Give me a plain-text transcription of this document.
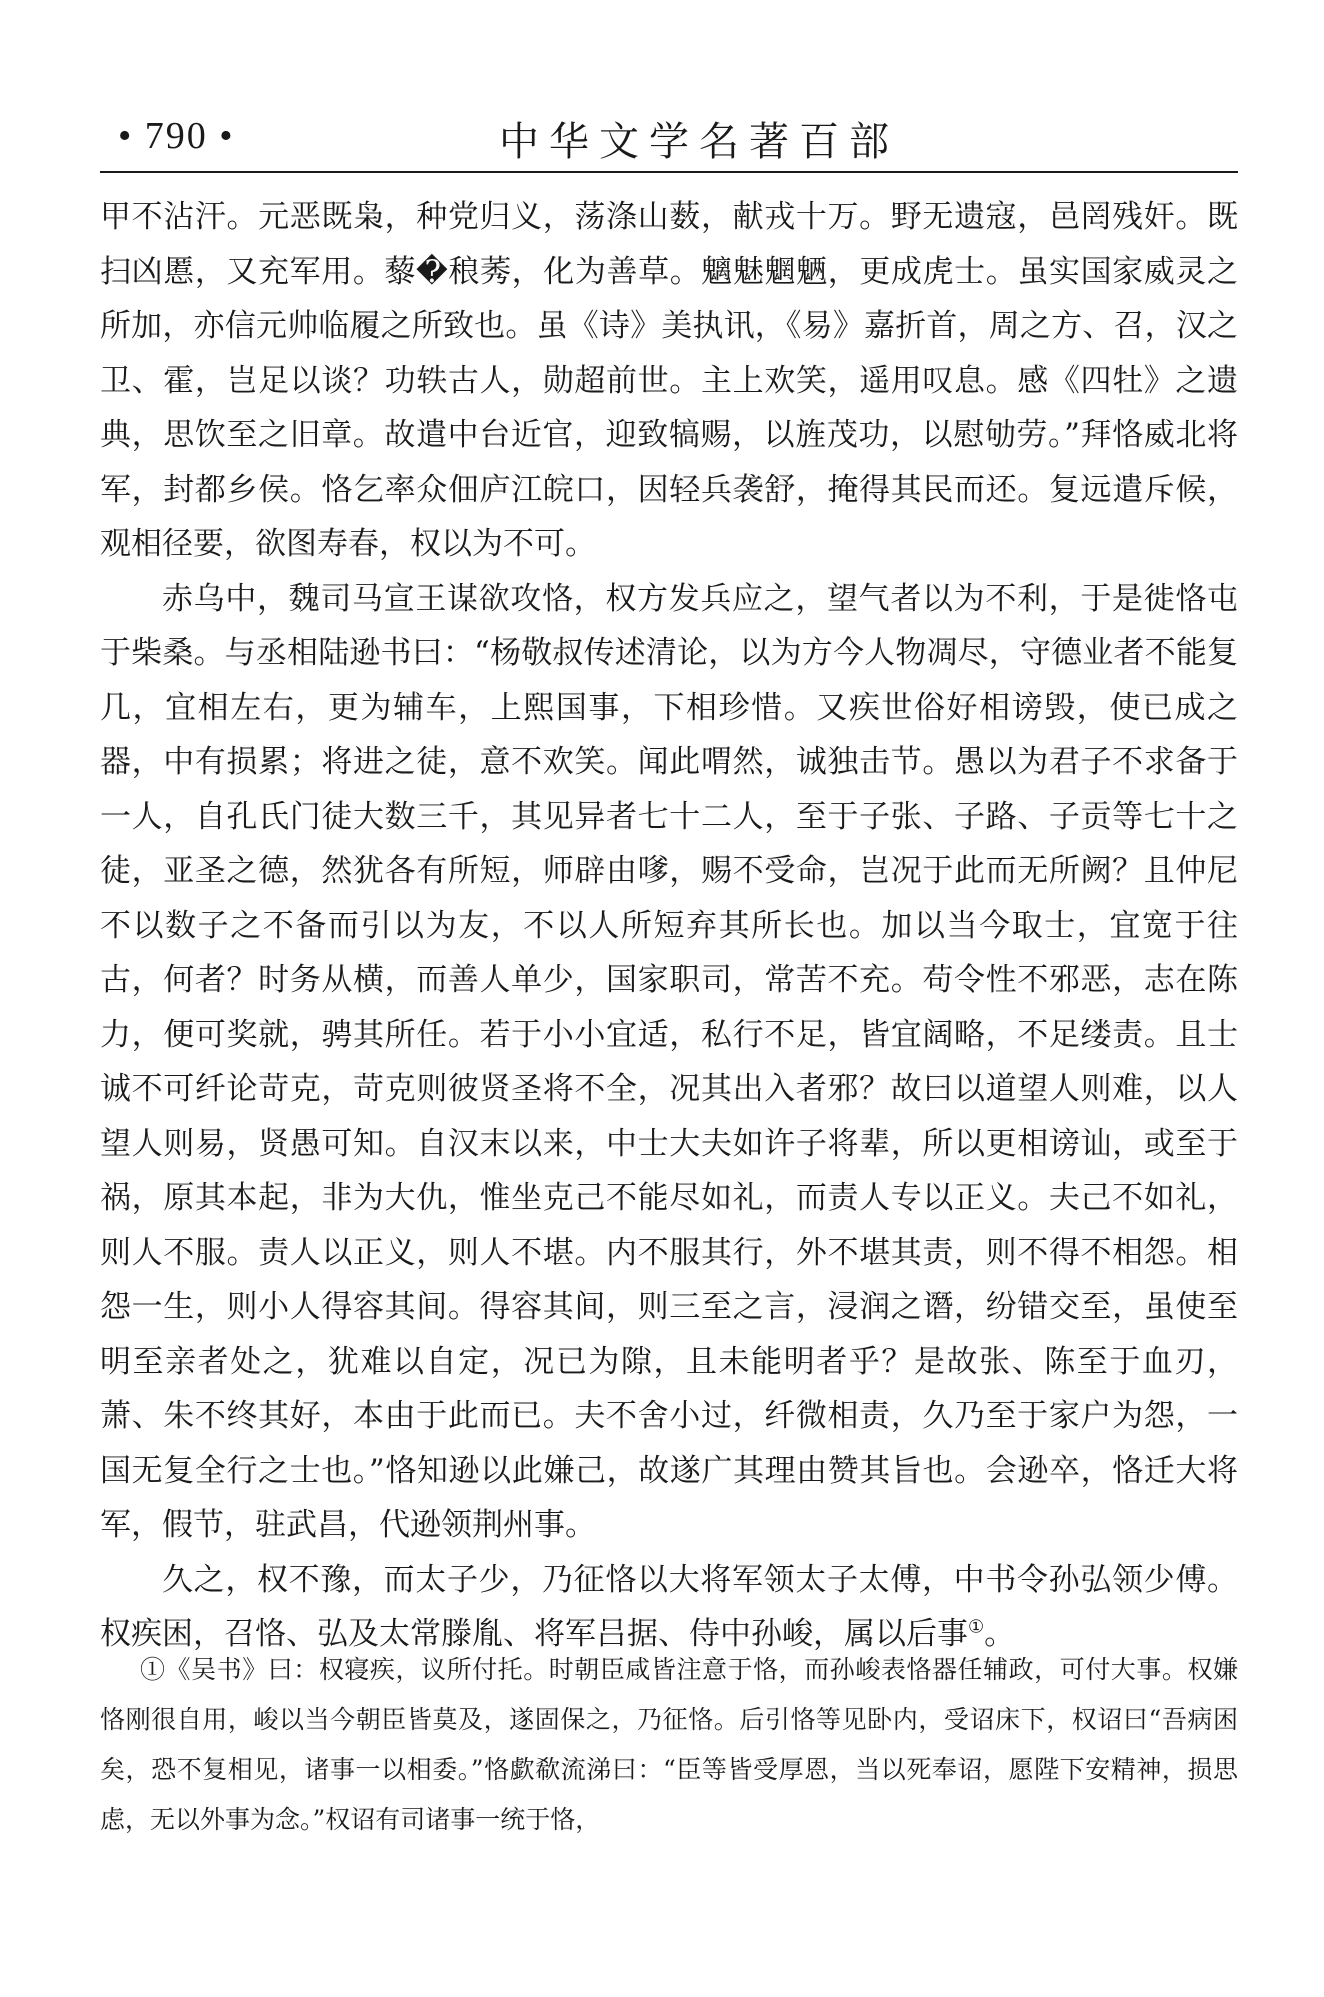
• 790 •	中华文学名著百部

甲不沾汗。元恶既枭，种党归义，荡涤山薮，献戎十万。野无遗寇，邑罔残奸。既扫凶慝，又充军用。藜�稂莠，化为善草。魑魅魍魉，更成虎士。虽实国家威灵之所加，亦信元帅临履之所致也。虽《诗》美执讯，《易》嘉折首，周之方、召，汉之卫、霍，岂足以谈？功轶古人，勋超前世。主上欢笑，遥用叹息。感《四牡》之遗典，思饮至之旧章。故遣中台近官，迎致犒赐，以旌茂功，以慰劬劳。”拜恪威北将军，封都乡侯。恪乞率众佃庐江皖口，因轻兵袭舒，掩得其民而还。复远遣斥候，观相径要，欲图寿春，权以为不可。

赤乌中，魏司马宣王谋欲攻恪，权方发兵应之，望气者以为不利，于是徙恪屯于柴桑。与丞相陆逊书曰：“杨敬叔传述清论，以为方今人物凋尽，守德业者不能复几，宜相左右，更为辅车，上熙国事，下相珍惜。又疾世俗好相谤毁，使已成之器，中有损累；将进之徒，意不欢笑。闻此喟然，诚独击节。愚以为君子不求备于一人，自孔氏门徒大数三千，其见异者七十二人，至于子张、子路、子贡等七十之徒，亚圣之德，然犹各有所短，师辟由嗲，赐不受命，岂况于此而无所阙？且仲尼不以数子之不备而引以为友，不以人所短弃其所长也。加以当今取士，宜宽于往古，何者？时务从横，而善人单少，国家职司，常苦不充。苟令性不邪恶，志在陈力，便可奖就，骋其所任。若于小小宜适，私行不足，皆宜阔略，不足缕责。且士诚不可纤论苛克，苛克则彼贤圣将不全，况其出入者邪？故曰以道望人则难，以人望人则易，贤愚可知。自汉末以来，中士大夫如许子将辈，所以更相谤讪，或至于祸，原其本起，非为大仇，惟坐克己不能尽如礼，而责人专以正义。夫己不如礼，则人不服。责人以正义，则人不堪。内不服其行，外不堪其责，则不得不相怨。相怨一生，则小人得容其间。得容其间，则三至之言，浸润之谮，纷错交至，虽使至明至亲者处之，犹难以自定，况已为隙，且未能明者乎？是故张、陈至于血刃，萧、朱不终其好，本由于此而已。夫不舍小过，纤微相责，久乃至于家户为怨，一国无复全行之士也。”恪知逊以此嫌己，故遂广其理由赞其旨也。会逊卒，恪迁大将军，假节，驻武昌，代逊领荆州事。

久之，权不豫，而太子少，乃征恪以大将军领太子太傅，中书令孙弘领少傅。权疾困，召恪、弘及太常滕胤、将军吕据、侍中孙峻，属以后事①。

①《吴书》曰：权寝疾，议所付托。时朝臣咸皆注意于恪，而孙峻表恪器任辅政，可付大事。权嫌恪刚很自用，峻以当今朝臣皆莫及，遂固保之，乃征恪。后引恪等见卧内，受诏床下，权诏曰“吾病困矣，恐不复相见，诸事一以相委。”恪歔欷流涕曰：“臣等皆受厚恩，当以死奉诏，愿陛下安精神，损思虑，无以外事为念。”权诏有司诸事一统于恪，
